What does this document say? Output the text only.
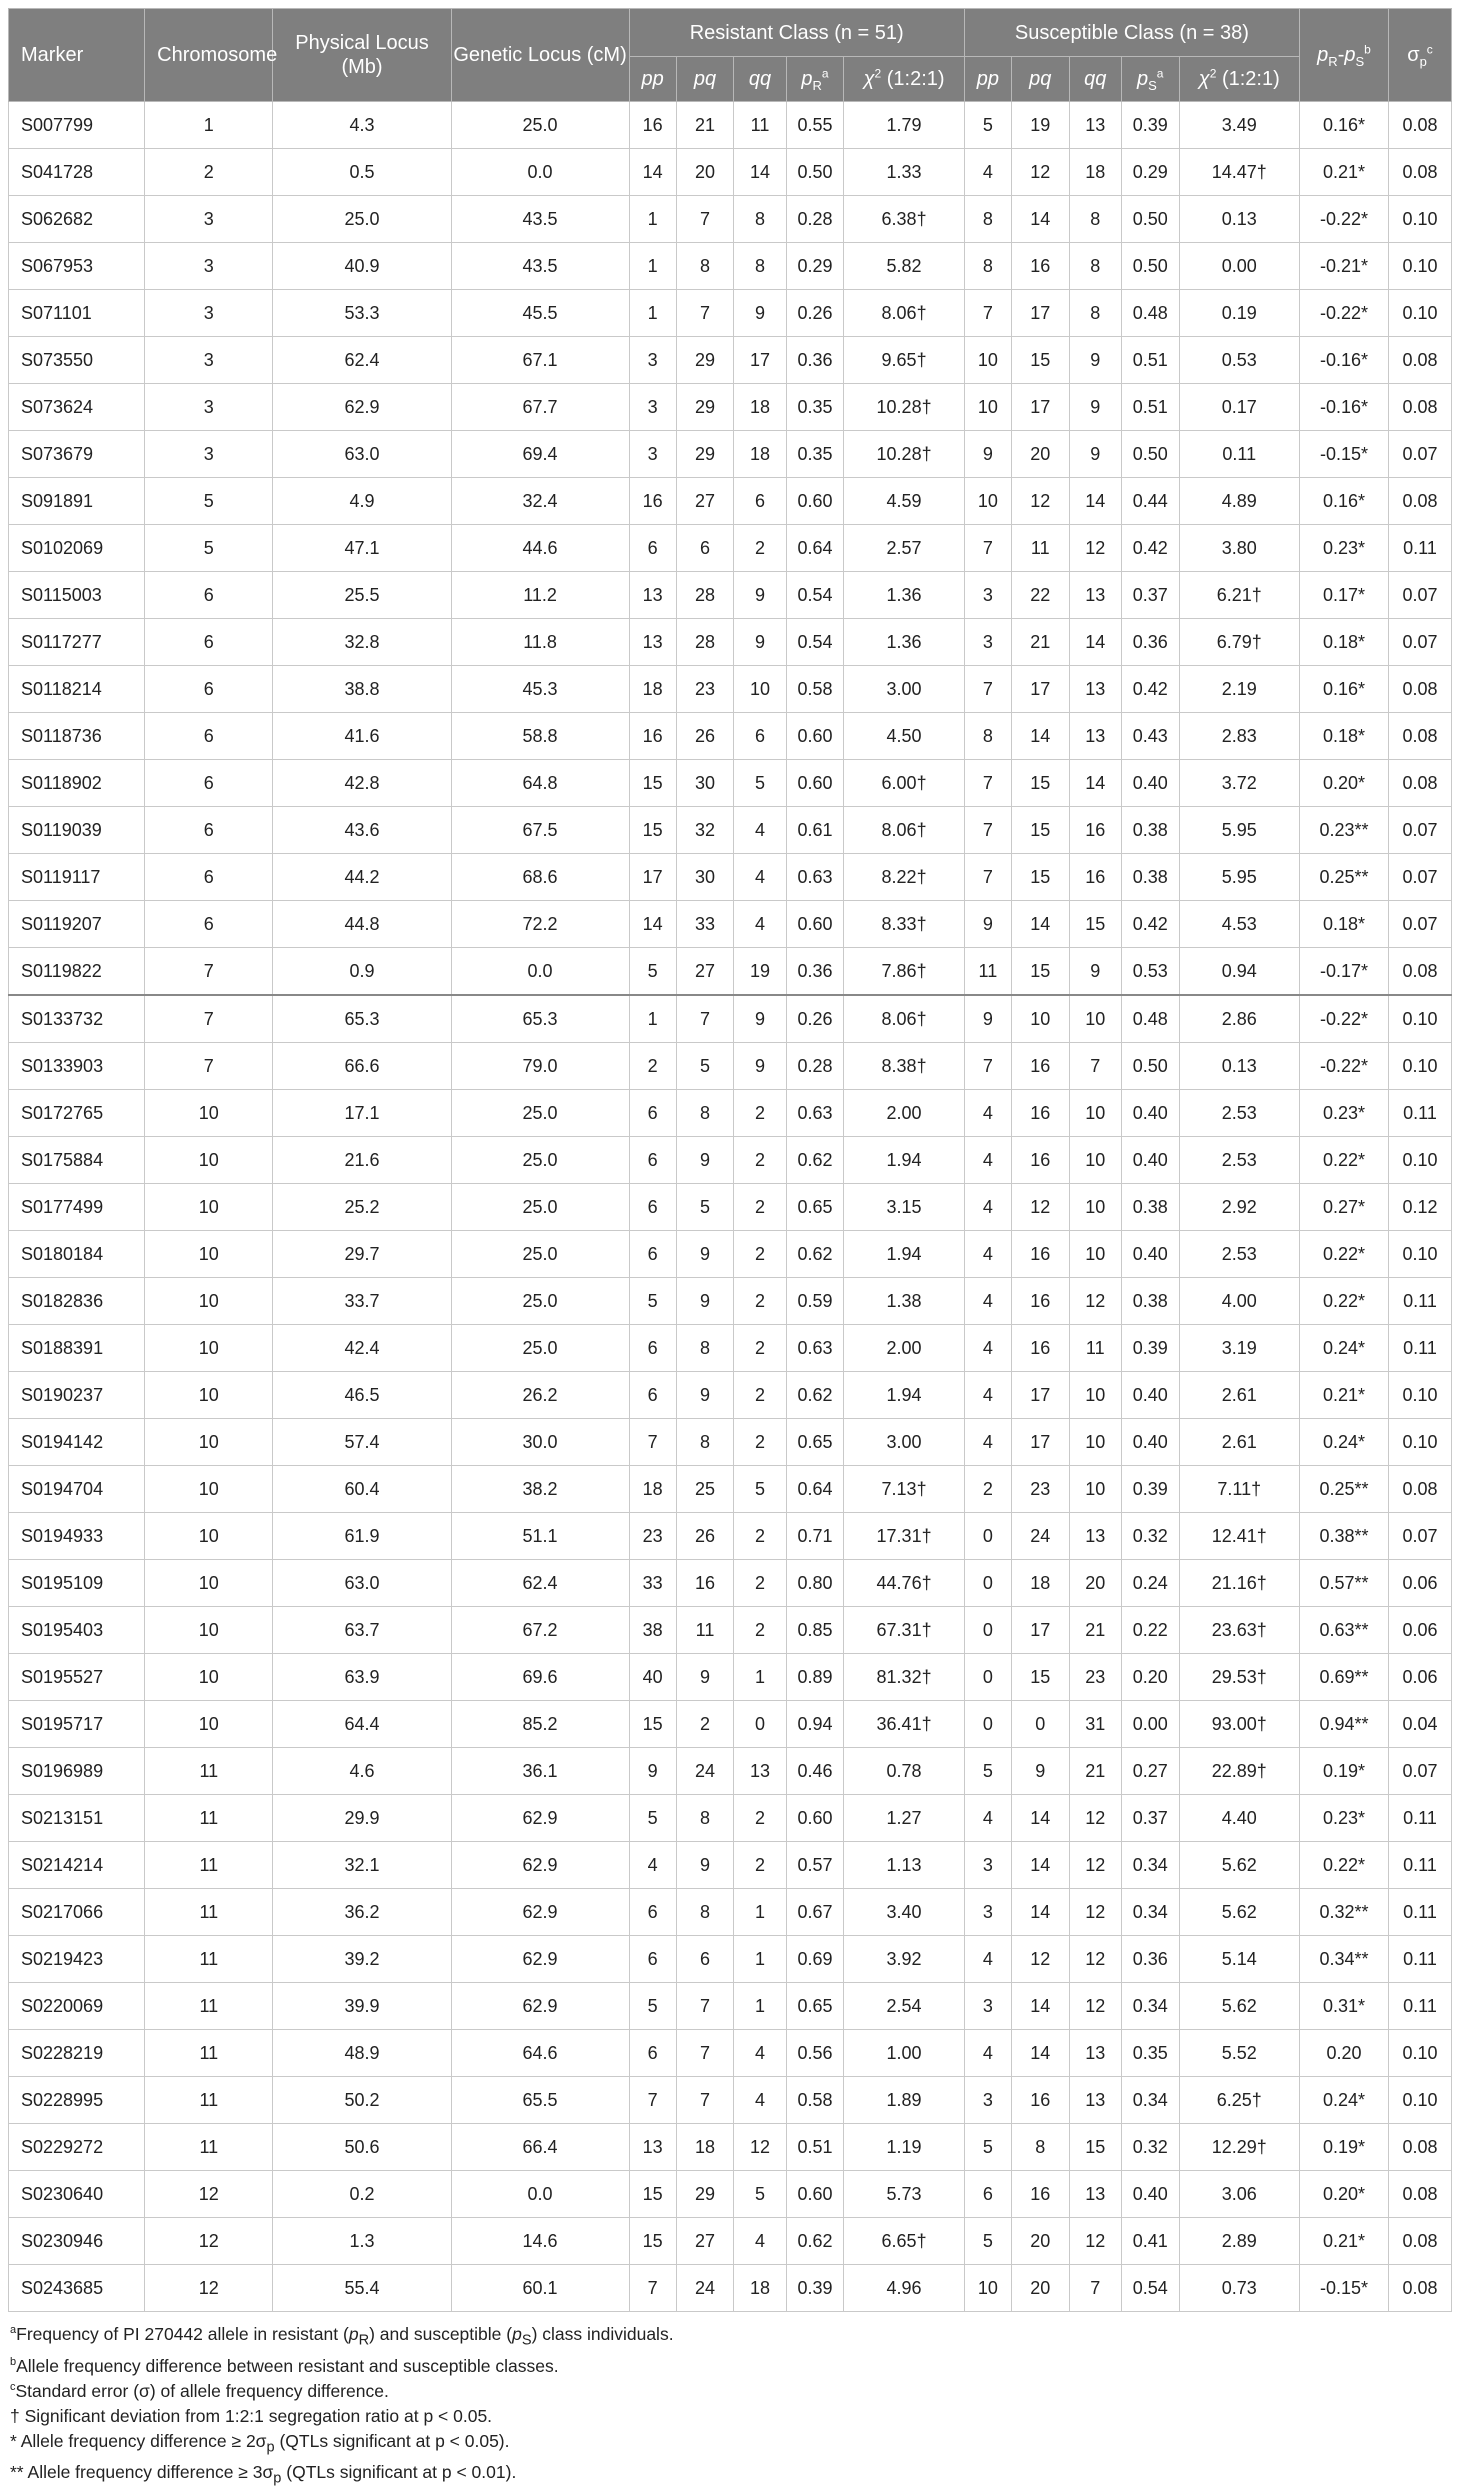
Marker	Chromosome	Physical Locus (Mb)	Genetic Locus (cM)	Resistant Class (n = 51)					Susceptible Class (n = 38)					$p_R-p_S^b$	$\sigma_p^c$
				pp	pq	qq	$p_R^a$	$\chi^2$ (1:2:1)	pp	pq	qq	$p_S^a$	$\chi^2$ (1:2:1)		
S007799	1	4.3	25.0	16	21	11	0.55	1.79	5	19	13	0.39	3.49	0.16*	0.08
S041728	2	0.5	0.0	14	20	14	0.50	1.33	4	12	18	0.29	14.47†	0.21*	0.08
S062682	3	25.0	43.5	1	7	8	0.28	6.38†	8	14	8	0.50	0.13	-0.22*	0.10
S067953	3	40.9	43.5	1	8	8	0.29	5.82	8	16	8	0.50	0.00	-0.21*	0.10
S071101	3	53.3	45.5	1	7	9	0.26	8.06†	7	17	8	0.48	0.19	-0.22*	0.10
S073550	3	62.4	67.1	3	29	17	0.36	9.65†	10	15	9	0.51	0.53	-0.16*	0.08
S073624	3	62.9	67.7	3	29	18	0.35	10.28†	10	17	9	0.51	0.17	-0.16*	0.08
S073679	3	63.0	69.4	3	29	18	0.35	10.28†	9	20	9	0.50	0.11	-0.15*	0.07
S091891	5	4.9	32.4	16	27	6	0.60	4.59	10	12	14	0.44	4.89	0.16*	0.08
S0102069	5	47.1	44.6	6	6	2	0.64	2.57	7	11	12	0.42	3.80	0.23*	0.11
S0115003	6	25.5	11.2	13	28	9	0.54	1.36	3	22	13	0.37	6.21†	0.17*	0.07
S0117277	6	32.8	11.8	13	28	9	0.54	1.36	3	21	14	0.36	6.79†	0.18*	0.07
S0118214	6	38.8	45.3	18	23	10	0.58	3.00	7	17	13	0.42	2.19	0.16*	0.08
S0118736	6	41.6	58.8	16	26	6	0.60	4.50	8	14	13	0.43	2.83	0.18*	0.08
S0118902	6	42.8	64.8	15	30	5	0.60	6.00†	7	15	14	0.40	3.72	0.20*	0.08
S0119039	6	43.6	67.5	15	32	4	0.61	8.06†	7	15	16	0.38	5.95	0.23**	0.07
S0119117	6	44.2	68.6	17	30	4	0.63	8.22†	7	15	16	0.38	5.95	0.25**	0.07
S0119207	6	44.8	72.2	14	33	4	0.60	8.33†	9	14	15	0.42	4.53	0.18*	0.07
S0119822	7	0.9	0.0	5	27	19	0.36	7.86†	11	15	9	0.53	0.94	-0.17*	0.08
S0133732	7	65.3	65.3	1	7	9	0.26	8.06†	9	10	10	0.48	2.86	-0.22*	0.10
S0133903	7	66.6	79.0	2	5	9	0.28	8.38†	7	16	7	0.50	0.13	-0.22*	0.10
S0172765	10	17.1	25.0	6	8	2	0.63	2.00	4	16	10	0.40	2.53	0.23*	0.11
S0175884	10	21.6	25.0	6	9	2	0.62	1.94	4	16	10	0.40	2.53	0.22*	0.10
S0177499	10	25.2	25.0	6	5	2	0.65	3.15	4	12	10	0.38	2.92	0.27*	0.12
S0180184	10	29.7	25.0	6	9	2	0.62	1.94	4	16	10	0.40	2.53	0.22*	0.10
S0182836	10	33.7	25.0	5	9	2	0.59	1.38	4	16	12	0.38	4.00	0.22*	0.11
S0188391	10	42.4	25.0	6	8	2	0.63	2.00	4	16	11	0.39	3.19	0.24*	0.11
S0190237	10	46.5	26.2	6	9	2	0.62	1.94	4	17	10	0.40	2.61	0.21*	0.10
S0194142	10	57.4	30.0	7	8	2	0.65	3.00	4	17	10	0.40	2.61	0.24*	0.10
S0194704	10	60.4	38.2	18	25	5	0.64	7.13†	2	23	10	0.39	7.11†	0.25**	0.08
S0194933	10	61.9	51.1	23	26	2	0.71	17.31†	0	24	13	0.32	12.41†	0.38**	0.07
S0195109	10	63.0	62.4	33	16	2	0.80	44.76†	0	18	20	0.24	21.16†	0.57**	0.06
S0195403	10	63.7	67.2	38	11	2	0.85	67.31†	0	17	21	0.22	23.63†	0.63**	0.06
S0195527	10	63.9	69.6	40	9	1	0.89	81.32†	0	15	23	0.20	29.53†	0.69**	0.06
S0195717	10	64.4	85.2	15	2	0	0.94	36.41†	0	0	31	0.00	93.00†	0.94**	0.04
S0196989	11	4.6	36.1	9	24	13	0.46	0.78	5	9	21	0.27	22.89†	0.19*	0.07
S0213151	11	29.9	62.9	5	8	2	0.60	1.27	4	14	12	0.37	4.40	0.23*	0.11
S0214214	11	32.1	62.9	4	9	2	0.57	1.13	3	14	12	0.34	5.62	0.22*	0.11
S0217066	11	36.2	62.9	6	8	1	0.67	3.40	3	14	12	0.34	5.62	0.32**	0.11
S0219423	11	39.2	62.9	6	6	1	0.69	3.92	4	12	12	0.36	5.14	0.34**	0.11
S0220069	11	39.9	62.9	5	7	1	0.65	2.54	3	14	12	0.34	5.62	0.31*	0.11
S0228219	11	48.9	64.6	6	7	4	0.56	1.00	4	14	13	0.35	5.52	0.20	0.10
S0228995	11	50.2	65.5	7	7	4	0.58	1.89	3	16	13	0.34	6.25†	0.24*	0.10
S0229272	11	50.6	66.4	13	18	12	0.51	1.19	5	8	15	0.32	12.29†	0.19*	0.08
S0230640	12	0.2	0.0	15	29	5	0.60	5.73	6	16	13	0.40	3.06	0.20*	0.08
S0230946	12	1.3	14.6	15	27	4	0.62	6.65†	5	20	12	0.41	2.89	0.21*	0.08
S0243685	12	55.4	60.1	7	24	18	0.39	4.96	10	20	7	0.54	0.73	-0.15*	0.08
$^a$Frequency of PI 270442 allele in resistant $(p_R)$ and susceptible $(p_S)$ class individuals.
$^b$Allele frequency difference between resistant and susceptible classes.
$^c$Standard error (σ) of allele frequency difference.
† Significant deviation from 1:2:1 segregation ratio at p < 0.05.
* Allele frequency difference ≥ $2\sigma_p$ (QTLs significant at p < 0.05).
** Allele frequency difference ≥ $3\sigma_p$ (QTLs significant at p < 0.01).
